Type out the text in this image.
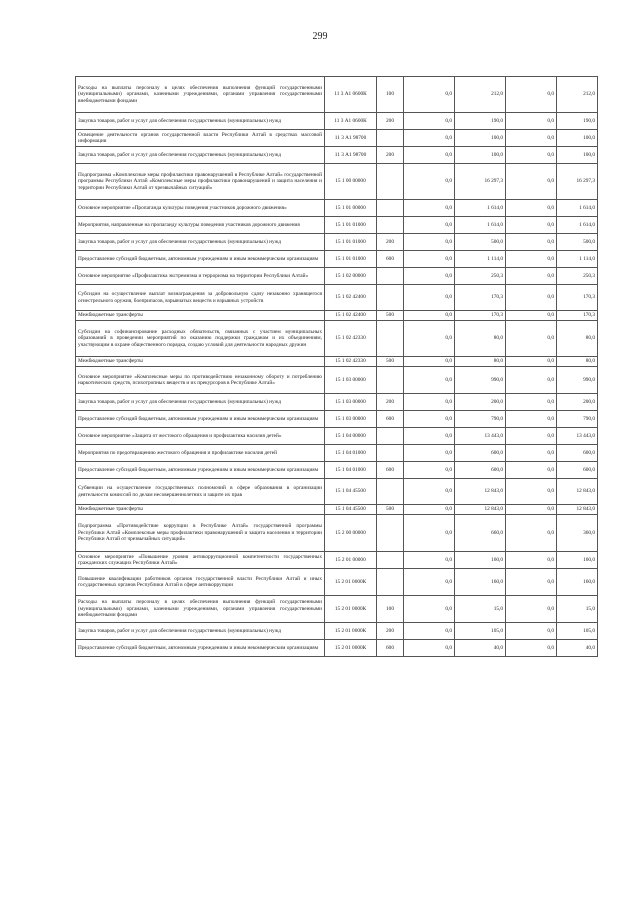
299
Расходы на выплаты персоналу в целях обеспечения выполнения функций государственными (муниципальными) органами, казенными учреждениями, органами управления государственными внебюджетными фондами	11 3 А1 0600К	100	0,0	212,0	0,0	212,0
Закупка товаров, работ и услуг для обеспечения государственных (муниципальных) нужд	11 3 А1 0600К	200	0,0	190,0	0,0	190,0
Освещение деятельности органов государственной власти Республики Алтай в средствах массовой информации	11 3 А1 98700		0,0	100,0	0,0	100,0
Закупка товаров, работ и услуг для обеспечения государственных (муниципальных) нужд	11 3 А1 98700	200	0,0	100,0	0,0	100,0
Подпрограмма «Комплексные меры профилактики правонарушений в Республике Алтай» государственной программы Республики Алтай «Комплексные меры профилактики правонарушений и защита населения и территории Республики Алтай от чрезвычайных ситуаций»	15 1 00 00000		0,0	16 297,3	0,0	16 297,3
Основное мероприятие «Пропаганда культуры поведения участников дорожного движения»	15 1 01 00000		0,0	1 614,0	0,0	1 614,0
Мероприятия, направленные на пропаганду культуры поведения участников дорожного движения	15 1 01 01000		0,0	1 614,0	0,0	1 614,0
Закупка товаров, работ и услуг для обеспечения государственных (муниципальных) нужд	15 1 01 01000	200	0,0	500,0	0,0	500,0
Предоставление субсидий бюджетным, автономным учреждениям и иным некоммерческим организациям	15 1 01 01000	600	0,0	1 114,0	0,0	1 114,0
Основное мероприятие «Профилактика экстремизма и терроризма на территории Республики Алтай»	15 1 02 00000		0,0	250,3	0,0	250,3
Субсидии на осуществление выплат вознаграждения за добровольную сдачу незаконно хранящегося огнестрельного оружия, боеприпасов, взрывчатых веществ и взрывных устройств	15 1 02 42400		0,0	170,3	0,0	170,3
Межбюджетные трансферты	15 1 02 42400	500	0,0	170,3	0,0	170,3
Субсидии на софинансирование расходных обязательств, связанных с участием муниципальных образований в проведении мероприятий по оказанию поддержки гражданам и их объединениям, участвующим в охране общественного порядка, создаю условий для деятельности народных дружин	15 1 02 42330		0,0	80,0	0,0	80,0
Межбюджетные трансферты	15 1 02 42330	500	0,0	80,0	0,0	80,0
Основное мероприятие «Комплексные меры по противодействию незаконному обороту и потреблению наркотических средств, психотропных веществ и их прекурсоров в Республике Алтай»	15 1 03 00000		0,0	990,0	0,0	990,0
Закупка товаров, работ и услуг для обеспечения государственных (муниципальных) нужд	15 1 03 00000	200	0,0	200,0	0,0	200,0
Предоставление субсидий бюджетным, автономным учреждениям и иным некоммерческим организациям	15 1 03 00000	600	0,0	790,0	0,0	790,0
Основное мероприятие «Защита от жестокого обращения и профилактика насилия детей»	15 1 04 00000		0,0	13 443,0	0,0	13 443,0
Мероприятия по предотвращению жестокого обращения и профилактике насилия детей	15 1 04 01000		0,0	600,0	0,0	600,0
Предоставление субсидий бюджетным, автономным учреждениям и иным некоммерческим организациям	15 1 04 01000	600	0,0	600,0	0,0	600,0
Субвенции на осуществление государственных полномочий в сфере образования в организации деятельности комиссий по делам несовершеннолетних и защите их прав	15 1 04 45500		0,0	12 843,0	0,0	12 843,0
Межбюджетные трансферты	15 1 04 45500	500	0,0	12 843,0	0,0	12 843,0
Подпрограмма «Противодействие коррупции в Республике Алтай» государственной программы Республики Алтай «Комплексные меры профилактики правонарушений и защита населения и территории Республики Алтай от чрезвычайных ситуаций»	15 2 00 00000		0,0	660,0	0,0	360,0
Основное мероприятие «Повышение уровня антикоррупционной компетентности государственных гражданских служащих Республики Алтай»	15 2 01 00000		0,0	160,0	0,0	160,0
Повышение квалификации работников органов государственной власти Республики Алтай и иных государственных органов Республики Алтай в сфере антикоррупции	15 2 01 0000К		0,0	160,0	0,0	160,0
Расходы на выплаты персоналу в целях обеспечения выполнения функций государственными (муниципальными) органами, казенными учреждениями, органами управления государственными внебюджетными фондами	15 2 01 0000К	100	0,0	15,0	0,0	15,0
Закупка товаров, работ и услуг для обеспечения государственных (муниципальных) нужд	15 2 01 0000К	200	0,0	105,0	0,0	105,0
Предоставление субсидий бюджетным, автономным учреждениям и иным некоммерческим организациям	15 2 01 0000К	600	0,0	40,0	0,0	40,0
